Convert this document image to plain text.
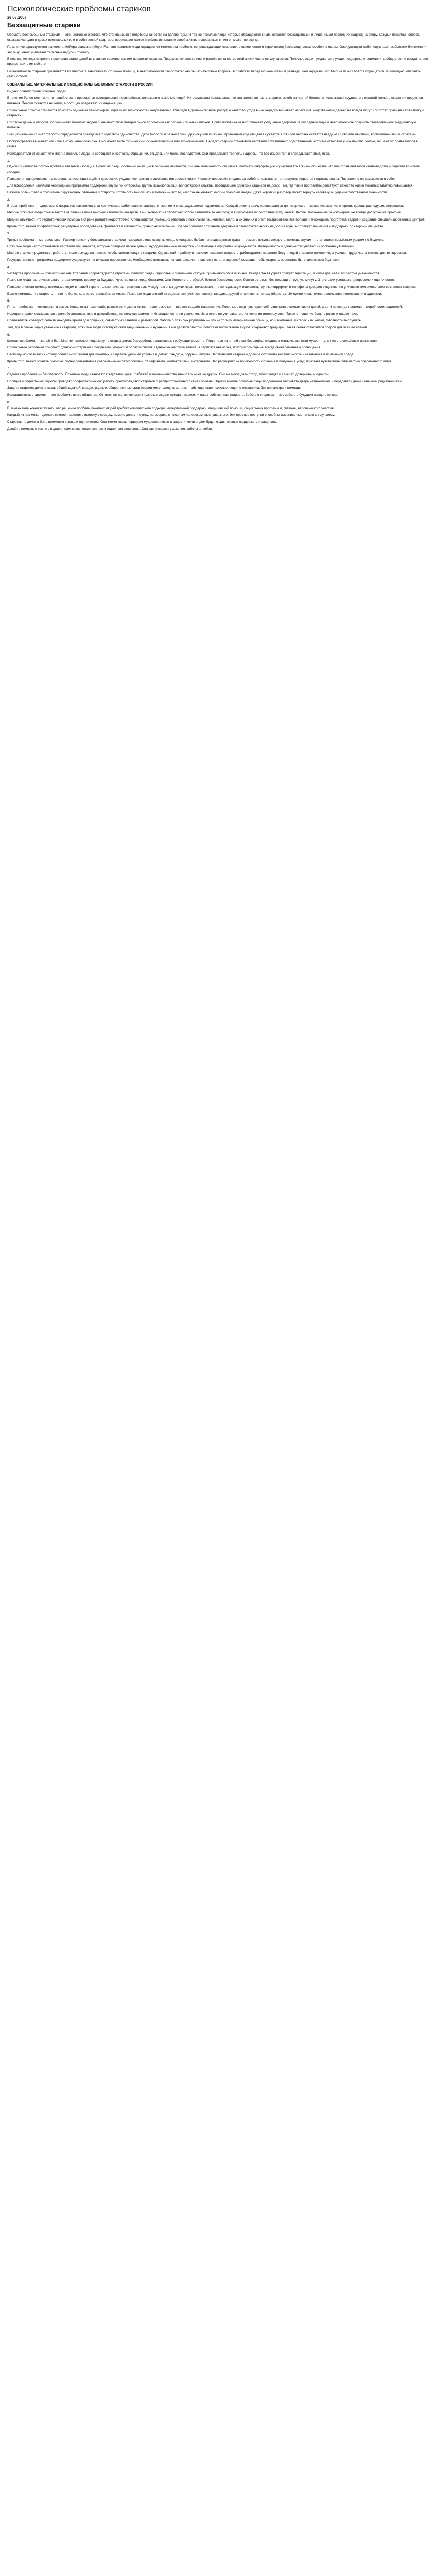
Психологические проблемы стариков
26.07.2007
Беззащитные старики

Обещать беспомощным старикам — это настолько жестоко, что становишься в подобном качестве на долгие годы. И так же пожилые люди, которые обращаются к нам, остаются беззащитными и лишёнными последних надежд на опору. Каждый пожилой человек, оказавшись один в домах престарелых или в собственной квартире, переживает самое тяжёлое испытание своей жизни, и справиться с ним он может не всегда.

По мнению французского психолога Мейера Фатмана (Meyer Fatman) пожилые люди страдают от множества проблем, сопровождающих старение, а одиночество и страх перед беспомощностью особенно остры. Они чувствуют себя ненужными, забытыми близкими, и это ощущение усиливает телесные недуги и тревогу.

В последние годы старение населения стало одной из главных социальных тем во многих странах. Продолжительность жизни растёт, но качество этой жизни часто не улучшается. Пожилые люди нуждаются в уходе, поддержке и внимании, а общество не всегда готово предоставить им всё это.

Беззащитность стариков проявляется во многом: в зависимости от чужой помощи, в невозможности самостоятельно решать бытовые вопросы, в слабости перед мошенниками и равнодушием окружающих. Многие из них боятся обращаться за помощью, опасаясь стать обузой.

СОЦИАЛЬНЫЕ, МАТЕРИАЛЬНЫЕ И ЭМОЦИОНАЛЬНЫЕ КЛИМАТ СТАРОСТИ В РОССИИ

Индекс благополучия пожилых людей.

В течение более десяти лет в нашей стране проводятся исследования, посвящённые положению пожилых людей. Их результаты показывают, что значительная часть стариков живёт за чертой бедности, испытывает трудности с оплатой жилья, лекарств и продуктов питания. Пенсии остаются низкими, а рост цен опережает их индексацию.

Социальные службы стараются помогать одиноким пенсионерам, однако их возможностей недостаточно. Очереди в дома-интернаты растут, а качество ухода в них нередко вызывает нарекания. Родственники далеко не всегда могут или хотят брать на себя заботу о стариках.

Согласно данным опросов, большинство пожилых людей оценивают своё материальное положение как плохое или очень плохое. Почти половина из них отмечает ухудшение здоровья за последние годы и невозможность получить своевременную медицинскую помощь.

Эмоциональный климат старости определяется прежде всего чувством одиночества. Дети выросли и разъехались, друзья ушли из жизни, привычный круг общения сужается. Пожилой человек остаётся наедине со своими мыслями, воспоминаниями и страхами.

Особую тревогу вызывает насилие в отношении пожилых. Оно может быть физическим, психологическим или экономическим. Нередко старики становятся жертвами собственных родственников, которые отбирают у них пенсию, жильё, лишают их права голоса в семье.

Исследователи отмечают, что многие пожилые люди не сообщают о жестоком обращении, стыдясь или боясь последствий. Они продолжают терпеть, надеясь, что всё изменится, и оправдывают обидчиков.

1.

Одной из наиболее острых проблем является изоляция. Пожилые люди, особенно живущие в сельской местности, лишены возможности общаться, получать информацию и участвовать в жизни общества. Их мир ограничивается стенами дома и редкими визитами соседей.

Психологи подчёркивают, что социальная изоляция ведёт к депрессии, ухудшению памяти и снижению интереса к жизни. Человек перестаёт следить за собой, отказывается от прогулок, перестаёт строить планы. Постепенно он замыкается в себе.

Для преодоления изоляции необходимы программы поддержки: клубы по интересам, группы взаимопомощи, волонтёрские службы, посещающие одиноких стариков на дому. Там, где такие программы действуют, качество жизни пожилых заметно повышается.

Важную роль играет и отношение окружающих. Уважение к старости, готовность выслушать и помочь — вот то, чего так не хватает многим пожилым людям. Даже короткий разговор может вернуть человеку ощущение собственной значимости.

2.

Вторая проблема — здоровье. С возрастом накапливаются хронические заболевания, снижаются зрение и слух, ухудшается подвижность. Каждый визит к врачу превращается для старика в тяжёлое испытание: очереди, дорога, равнодушие персонала.

Многие пожилые люди отказываются от лечения из-за высокой стоимости лекарств. Они экономят на таблетках, чтобы заплатить за квартиру, и в результате их состояние ухудшается. Льготы, положенные пенсионерам, не всегда доступны на практике.

Медики отмечают, что гериатрическая помощь в стране развита недостаточно. Специалистов, умеющих работать с пожилыми пациентами, мало, а их знания и опыт востребованы всё больше. Необходима подготовка кадров и создание специализированных центров.

Кроме того, важна профилактика: регулярные обследования, физическая активность, правильное питание. Всё это помогает сохранить здоровье и самостоятельность на долгие годы, но требует внимания и поддержки со стороны общества.

3.

Третья проблема — материальная. Размер пенсии у большинства стариков позволяет лишь сводить концы с концами. Любая непредвиденная трата — ремонт, покупка лекарств, помощь внукам — становится серьёзным ударом по бюджету.

Пожилые люди часто становятся жертвами мошенников, которые обещают лёгкие деньги, чудодейственные лекарства или помощь в оформлении документов. Доверчивость и одиночество делают их особенно уязвимыми.

Многие старики продолжают работать после выхода на пенсию, чтобы свести концы с концами. Однако найти работу в пожилом возрасте непросто: работодатели неохотно берут людей старшего поколения, а условия труда часто тяжелы для их здоровья.

Государственные программы поддержки существуют, но их охват недостаточен. Необходимо повышать пенсии, расширять систему льгот и адресной помощи, чтобы старость перестала быть синонимом бедности.

4.

Четвёртая проблема — психологическая. Старение сопровождается утратами: близких людей, здоровья, социального статуса, привычного образа жизни. Каждая такая утрата требует адаптации, а силы для неё с возрастом уменьшаются.

Пожилые люди часто испытывают страх смерти, тревогу за будущее, чувство вины перед близкими. Они боятся стать обузой, боятся беспомощности, боятся остаться без помощи в трудную минуту. Эти страхи усиливают депрессию и одиночество.

Психологическая помощь пожилым людям в нашей стране только начинает развиваться. Между тем опыт других стран показывает, что консультации психолога, группы поддержки и телефоны доверия существенно улучшают эмоциональное состояние стариков.

Важно помнить, что старость — это не болезнь, а естественный этап жизни. Пожилые люди способны радоваться, учиться новому, заводить друзей и приносить пользу обществу. Им нужно лишь немного внимания, понимания и поддержки.

5.

Пятая проблема — отношения в семье. Конфликты поколений, разные взгляды на жизнь, теснота жилья — всё это создаёт напряжение. Пожилые люди чувствуют себя лишними в семьях своих детей, а дети не всегда понимают потребности родителей.

Нередко старики оказываются в роли бесплатных нянь и домработниц, не получая взамен ни благодарности, ни уважения. Их мнение не учитывается, их желания игнорируются. Такое отношение больно ранит и лишает сил.

Специалисты советуют семьям находить время для общения, совместных занятий и разговоров. Забота о пожилых родителях — это не только материальная помощь, но и внимание, интерес к их жизни, готовность выслушать.

Там, где в семье царит уважение к старшим, пожилые люди чувствуют себя защищёнными и нужными. Они делятся опытом, помогают воспитывать внуков, сохраняют традиции. Такая семья становится опорой для всех её членов.

6.

Шестая проблема — жильё и быт. Многие пожилые люди живут в старых домах без удобств, в квартирах, требующих ремонта. Подняться на пятый этаж без лифта, сходить в магазин, вынести мусор — для них это серьёзные испытания.

Социальные работники помогают одиноким старикам с покупками, уборкой и оплатой счетов. Однако их нагрузка велика, а зарплата невысока, поэтому помощь не всегда своевременна и полноценна.

Необходимо развивать систему социального жилья для пожилых, создавать удобные условия в домах: пандусы, поручни, лифты. Это позволит старикам дольше сохранять независимость и оставаться в привычной среде.

Кроме того, важно обучать пожилых людей пользоваться современными технологиями: телефонами, компьютерами, интернетом. Это расширяет их возможности общения и получения услуг, помогает чувствовать себя частью современного мира.

7.

Седьмая проблема — безопасность. Пожилые люди становятся жертвами краж, грабежей и мошенничества значительно чаще других. Они не могут дать отпор, плохо видят и слышат, доверчивы и одиноки.

Полиция и социальные службы проводят профилактическую работу, предупреждают стариков о распространённых схемах обмана. Однако многие пожилые люди продолжают открывать дверь незнакомцам и передавать деньги мнимым родственникам.

Защита стариков должна стать общей задачей: соседи, родные, общественные организации могут следить за тем, чтобы одинокие пожилые люди не оставались без присмотра и помощи.

Беззащитность стариков — это проблема всего общества. От того, как мы относимся к пожилым людям сегодня, зависит и наша собственная старость. Забота о стариках — это забота о будущем каждого из нас.

8.

В заключение хочется сказать, что решение проблем пожилых людей требует комплексного подхода: материальной поддержки, медицинской помощи, социальных программ и, главное, человеческого участия.

Каждый из нас может сделать многое: навестить одинокую соседку, помочь донести сумку, поговорить с пожилым человеком, выслушать его. Эти простые поступки способны изменить чью-то жизнь к лучшему.

Старость не должна быть временем страха и одиночества. Она может стать периодом мудрости, покоя и радости, если рядом будут люди, готовые поддержать и защитить.

Давайте помнить о тех, кто подарил нам жизнь, воспитал нас и отдал нам свои силы. Они заслуживают уважения, заботы и любви.
